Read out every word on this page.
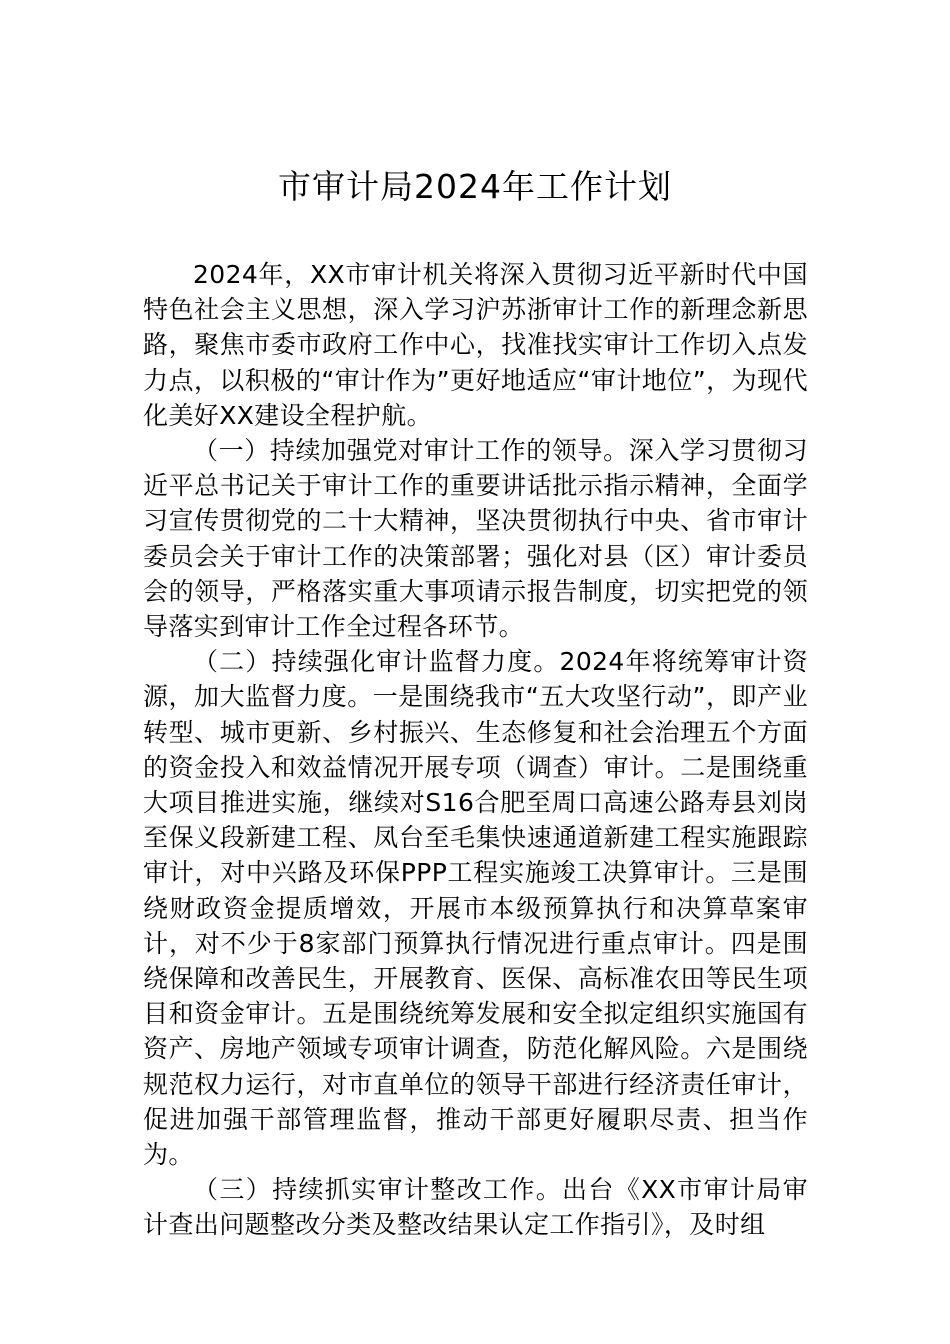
市审计局2024年工作计划

2024年，XX市审计机关将深入贯彻习近平新时代中国特色社会主义思想，深入学习沪苏浙审计工作的新理念新思路，聚焦市委市政府工作中心，找准找实审计工作切入点发力点，以积极的“审计作为”更好地适应“审计地位”，为现代化美好XX建设全程护航。

（一）持续加强党对审计工作的领导。深入学习贯彻习近平总书记关于审计工作的重要讲话批示指示精神，全面学习宣传贯彻党的二十大精神，坚决贯彻执行中央、省市审计委员会关于审计工作的决策部署；强化对县（区）审计委员会的领导，严格落实重大事项请示报告制度，切实把党的领导落实到审计工作全过程各环节。

（二）持续强化审计监督力度。2024年将统筹审计资源，加大监督力度。一是围绕我市“五大攻坚行动”，即产业转型、城市更新、乡村振兴、生态修复和社会治理五个方面的资金投入和效益情况开展专项（调查）审计。二是围绕重大项目推进实施，继续对S16合肥至周口高速公路寿县刘岗至保义段新建工程、凤台至毛集快速通道新建工程实施跟踪审计，对中兴路及环保PPP工程实施竣工决算审计。三是围绕财政资金提质增效，开展市本级预算执行和决算草案审计，对不少于8家部门预算执行情况进行重点审计。四是围绕保障和改善民生，开展教育、医保、高标准农田等民生项目和资金审计。五是围绕统筹发展和安全拟定组织实施国有资产、房地产领域专项审计调查，防范化解风险。六是围绕规范权力运行，对市直单位的领导干部进行经济责任审计，促进加强干部管理监督，推动干部更好履职尽责、担当作为。

（三）持续抓实审计整改工作。出台《XX市审计局审计查出问题整改分类及整改结果认定工作指引》，及时组
